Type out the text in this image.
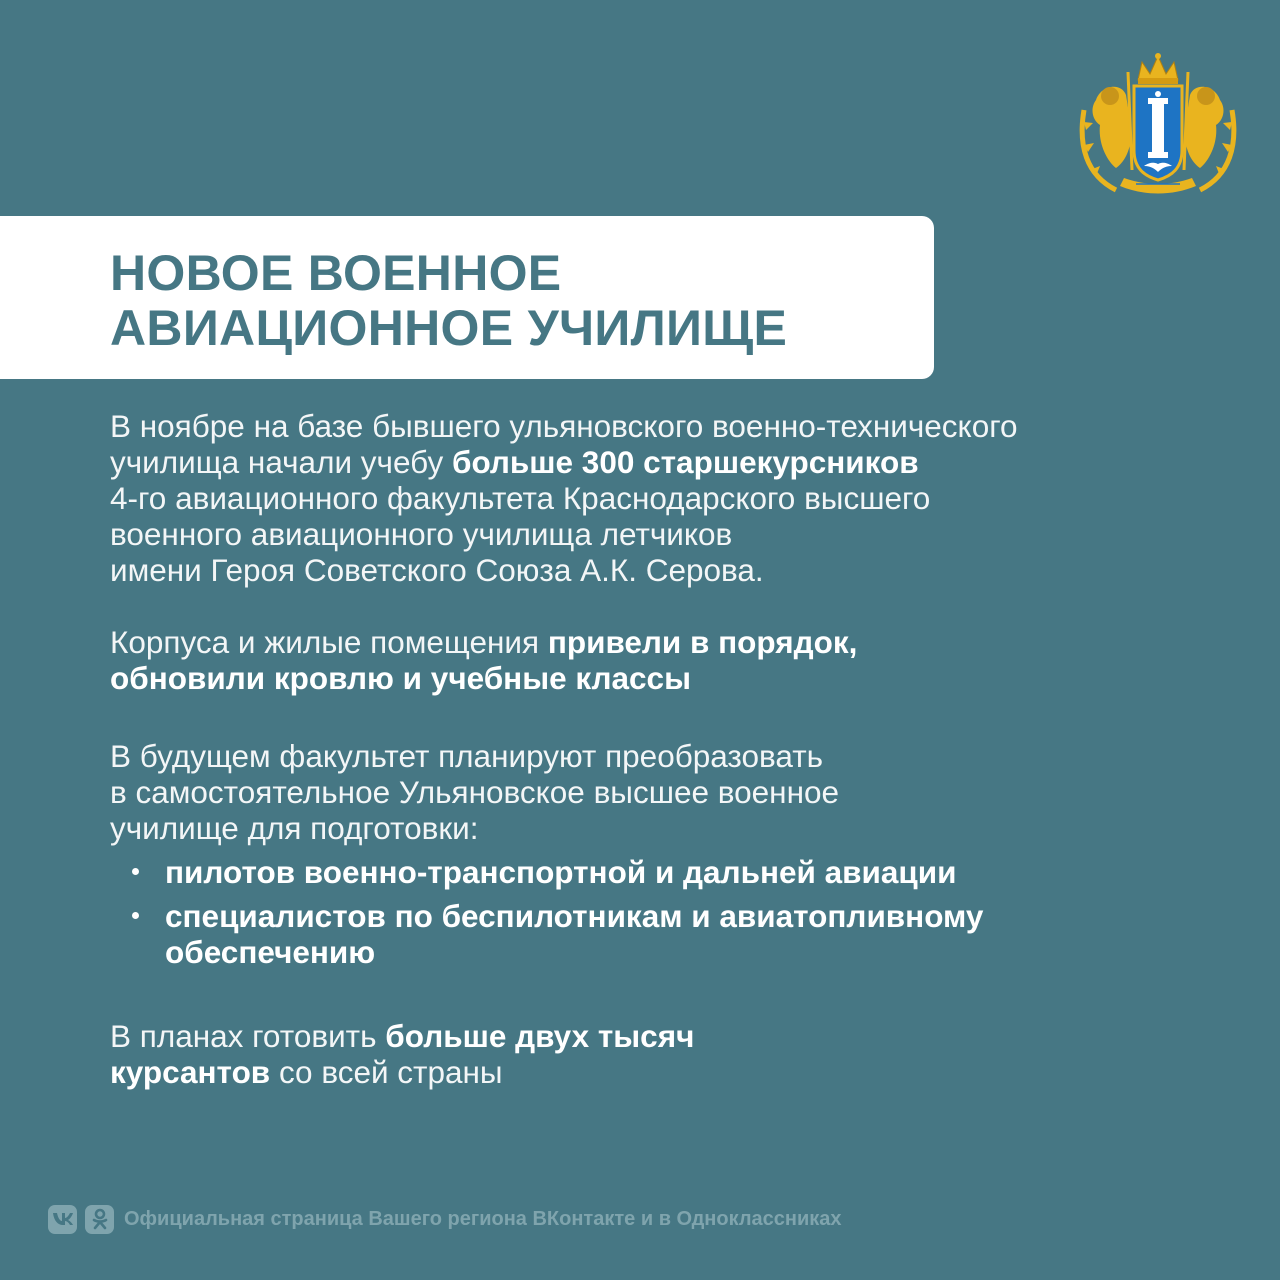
НОВОЕ ВОЕННОЕ
АВИАЦИОННОЕ УЧИЛИЩЕ
В ноябре на базе бывшего ульяновского военно-технического
училища начали учебу больше 300 старшекурсников
4-го авиационного факультета Краснодарского высшего
военного авиационного училища летчиков
имени Героя Советского Союза А.К. Серова.
Корпуса и жилые помещения привели в порядок,
обновили кровлю и учебные классы
В будущем факультет планируют преобразовать
в самостоятельное Ульяновское высшее военное
училище для подготовки:
пилотов военно-транспортной и дальней авиации
специалистов по беспилотникам и авиатопливному
обеспечению
В планах готовить больше двух тысяч
курсантов со всей страны
Официальная страница Вашего региона ВКонтакте и в Одноклассниках
